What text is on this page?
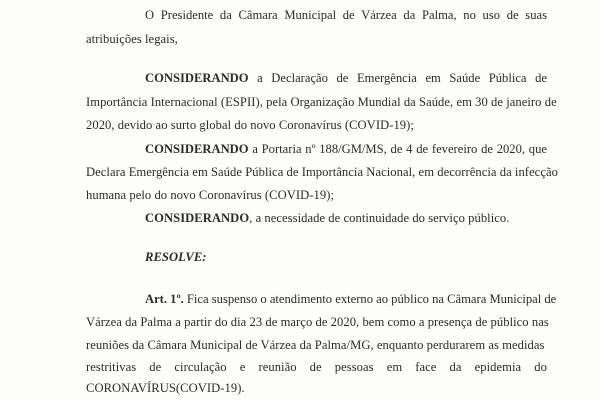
O Presidente da Câmara Municipal de Várzea da Palma, no uso de suas
atribuições legais,
CONSIDERANDO a Declaração de Emergência em Saúde Pública de
Importância Internacional (ESPII), pela Organização Mundial da Saúde, em 30 de janeiro de
2020, devido ao surto global do novo Coronavírus (COVID-19);
CONSIDERANDO a Portaria nº 188/GM/MS, de 4 de fevereiro de 2020, que
Declara Emergência em Saúde Pública de Importância Nacional, em decorrência da infecção
humana pelo do novo Coronavírus (COVID-19);
CONSIDERANDO, a necessidade de continuidade do serviço público.
RESOLVE:
Art. 1º. Fica suspenso o atendimento externo ao público na Câmara Municipal de
Várzea da Palma a partir do dia 23 de março de 2020, bem como a presença de público nas
reuniões da Câmara Municipal de Várzea da Palma/MG, enquanto perdurarem as medidas
restritivas de circulação e reunião de pessoas em face da epidemia do
CORONAVÍRUS(COVID-19).
